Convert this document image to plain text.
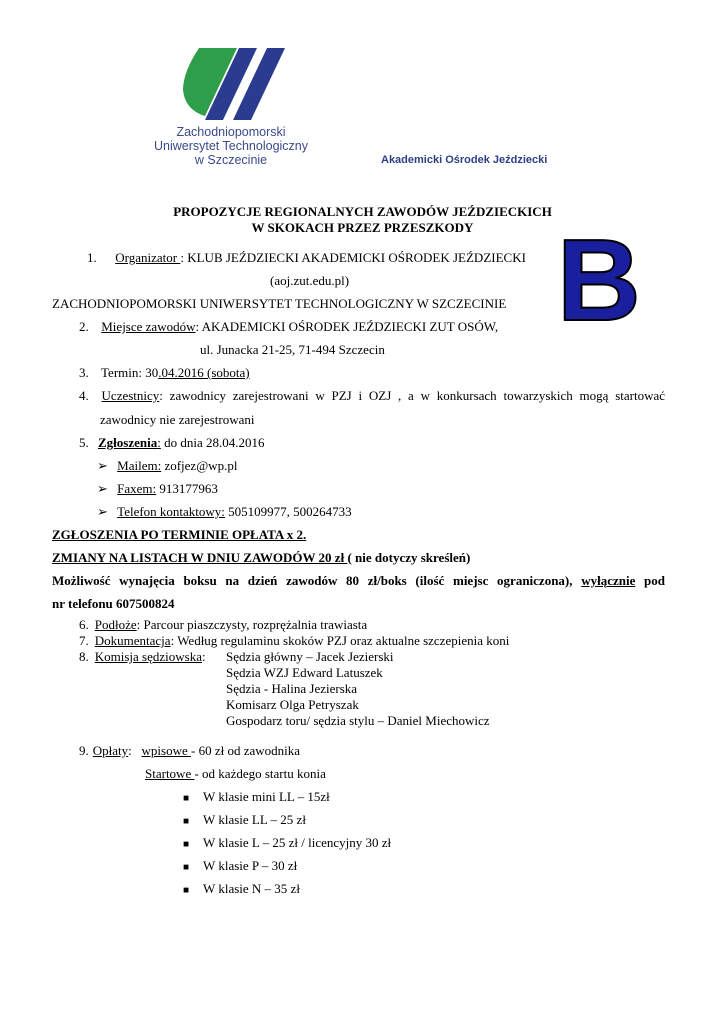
Zachodniopomorski
Uniwersytet Technologiczny
w Szczecinie	Akademicki Ośrodek Jeździecki
PROPOZYCJE REGIONALNYCH ZAWODÓW JEŹDZIECKICH
W SKOKACH PRZEZ PRZESZKODY B
1. Organizator : KLUB JEŹDZIECKI AKADEMICKI OŚRODEK JEŹDZIECKI
(aoj.zut.edu.pl)
ZACHODNIOPOMORSKI UNIWERSYTET TECHNOLOGICZNY W SZCZECINIE
2. Miejsce zawodów: AKADEMICKI OŚRODEK JEŹDZIECKI ZUT OSÓW,
ul. Junacka 21-25, 71-494 Szczecin
3. Termin: 30.04.2016 (sobota)
4. Uczestnicy: zawodnicy zarejestrowani w PZJ i OZJ , a w konkursach towarzyskich mogą startować
zawodnicy nie zarejestrowani
5. Zgłoszenia: do dnia 28.04.2016
➢ Mailem: zofjez@wp.pl
➢ Faxem: 913177963
➢ Telefon kontaktowy: 505109977, 500264733
ZGŁOSZENIA PO TERMINIE OPŁATA x 2.
ZMIANY NA LISTACH W DNIU ZAWODÓW 20 zł ( nie dotyczy skreśleń)
Możliwość wynajęcia boksu na dzień zawodów 80 zł/boks (ilość miejsc ograniczona), wyłącznie pod
nr telefonu 607500824
6. Podłoże: Parcour piaszczysty, rozprężalnia trawiasta
7. Dokumentacja: Według regulaminu skoków PZJ oraz aktualne szczepienia koni
8. Komisja sędziowska: Sędzia główny – Jacek Jezierski
Sędzia WZJ Edward Latuszek
Sędzia - Halina Jezierska
Komisarz Olga Petryszak
Gospodarz toru/ sędzia stylu – Daniel Miechowicz
9. Opłaty:   wpisowe - 60 zł od zawodnika
Startowe - od każdego startu konia
■ W klasie mini LL – 15zł
■ W klasie LL – 25 zł
■ W klasie L – 25 zł / licencyjny 30 zł
■ W klasie P – 30 zł
■ W klasie N – 35 zł
